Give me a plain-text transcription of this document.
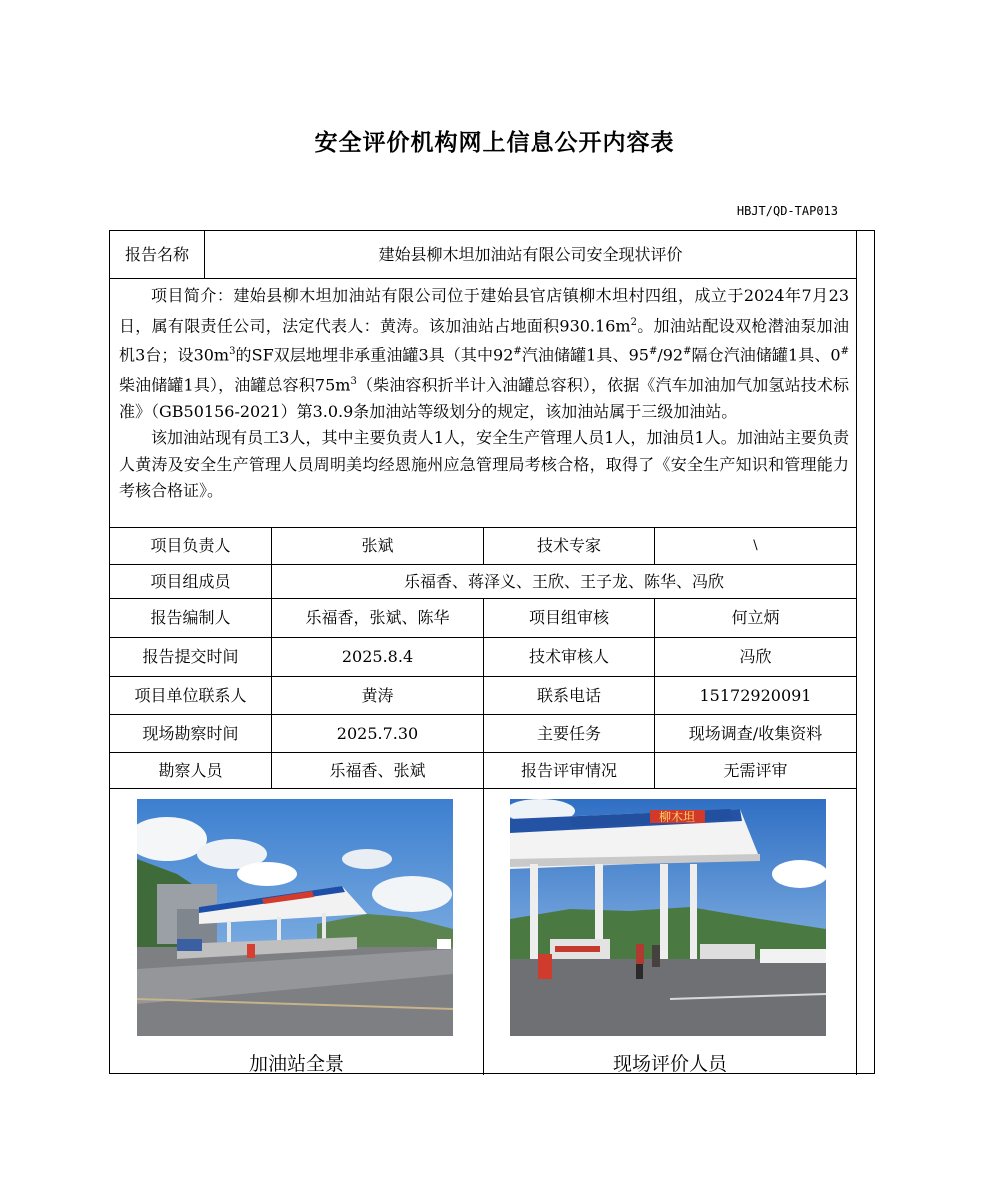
安全评价机构网上信息公开内容表
HBJT/QD-TAP013
报告名称	建始县柳木坦加油站有限公司安全现状评价

项目简介：建始县柳木坦加油站有限公司位于建始县官店镇柳木坦村四组，成立于2024年7月23日，属有限责任公司，法定代表人：黄涛。该加油站占地面积$930.16m^2$。加油站配设双枪潜油泵加油机3台；设$30m^3$的SF双层地埋非承重油罐3具（其中92#汽油储罐1具、95#/92#隔仓汽油储罐1具、0#柴油储罐1具），油罐总容积$75m^3$（柴油容积折半计入油罐总容积），依据《汽车加油加气加氢站技术标准》（GB50156-2021）第3.0.9条加油站等级划分的规定，该加油站属于三级加油站。

该加油站现有员工3人，其中主要负责人1人，安全生产管理人员1人，加油员1人。加油站主要负责人黄涛及安全生产管理人员周明美均经恩施州应急管理局考核合格，取得了《安全生产知识和管理能力考核合格证》。

项目负责人	张斌	技术专家	\
项目组成员	乐福香、蒋泽义、王欣、王子龙、陈华、冯欣
报告编制人	乐福香，张斌、陈华	项目组审核	何立炳
报告提交时间	2025.8.4	技术审核人	冯欣
项目单位联系人	黄涛	联系电话	15172920091
现场勘察时间	2025.7.30	主要任务	现场调查/收集资料
勘察人员	乐福香、张斌	报告评审情况	无需评审
柳木坦
加油站全景	现场评价人员
